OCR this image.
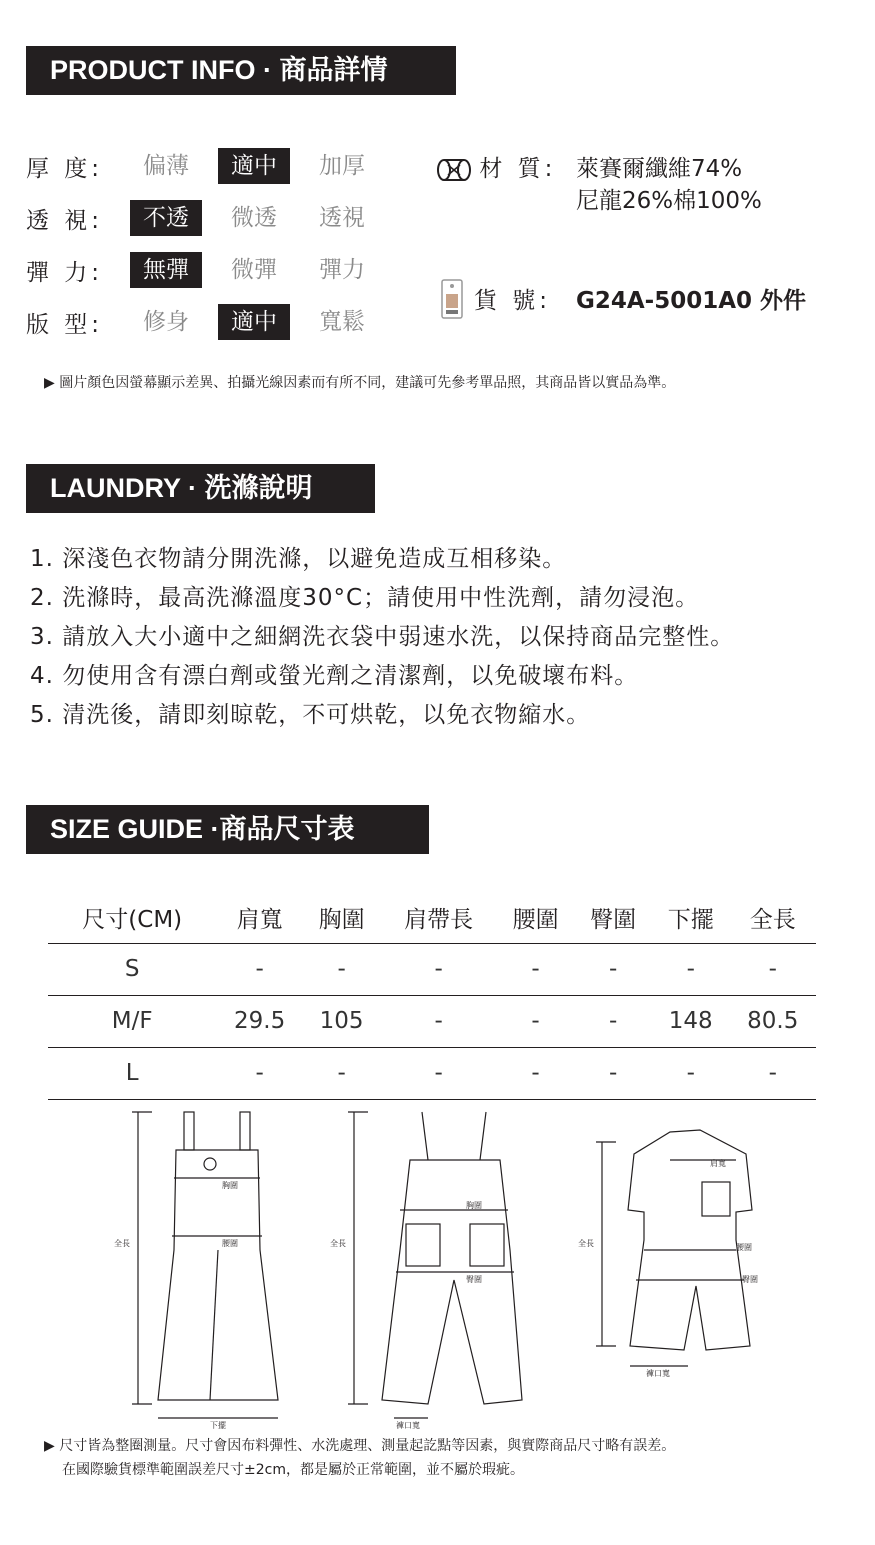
PRODUCT INFO · 商品詳情
厚 度:	偏薄	適中	加厚
透 視:	不透	微透	透視
彈 力:	無彈	微彈	彈力
版 型:	修身	適中	寬鬆
材 質: 萊賽爾纖維74%
尼龍26%棉100%
貨 號: G24A-5001A0 外件
▶ 圖片顏色因螢幕顯示差異、拍攝光線因素而有所不同，建議可先參考單品照，其商品皆以實品為準。
LAUNDRY · 洗滌說明
1. 深淺色衣物請分開洗滌，以避免造成互相移染。
2. 洗滌時，最高洗滌溫度30°C；請使用中性洗劑，請勿浸泡。
3. 請放入大小適中之細網洗衣袋中弱速水洗，以保持商品完整性。
4. 勿使用含有漂白劑或螢光劑之清潔劑，以免破壞布料。
5. 清洗後，請即刻晾乾，不可烘乾，以免衣物縮水。
SIZE GUIDE ·商品尺寸表
尺寸(CM)	肩寬	胸圍	肩帶長	腰圍	臀圍	下擺	全長
S	-	-	-	-	-	-	-
M/F	29.5	105	-	-	-	148	80.5
L	-	-	-	-	-	-	-
全長
胸圍
腰圍
下擺
全長
胸圍
臀圍
褲口寬
全長
肩寬
腰圍
臀圍
褲口寬
▶ 尺寸皆為整圈測量。尺寸會因布料彈性、水洗處理、測量起訖點等因素，與實際商品尺寸略有誤差。
在國際驗貨標準範圍誤差尺寸±2cm，都是屬於正常範圍，並不屬於瑕疵。
